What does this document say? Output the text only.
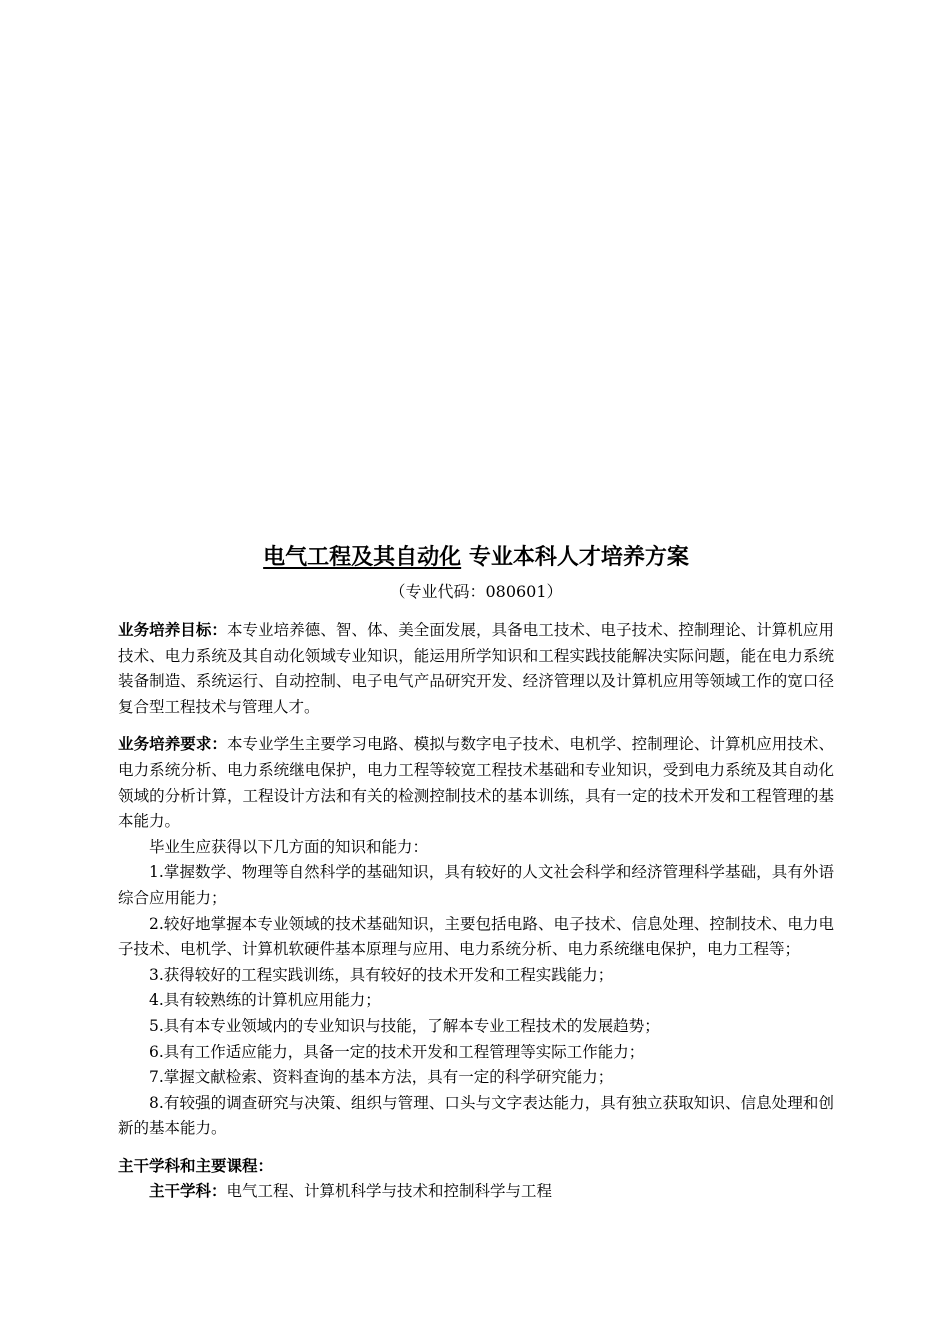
电气工程及其自动化 专业本科人才培养方案
（专业代码：080601）

业务培养目标：本专业培养德、智、体、美全面发展，具备电工技术、电子技术、控制理论、计算机应用技术、电力系统及其自动化领域专业知识，能运用所学知识和工程实践技能解决实际问题，能在电力系统装备制造、系统运行、自动控制、电子电气产品研究开发、经济管理以及计算机应用等领域工作的宽口径复合型工程技术与管理人才。

业务培养要求：本专业学生主要学习电路、模拟与数字电子技术、电机学、控制理论、计算机应用技术、电力系统分析、电力系统继电保护，电力工程等较宽工程技术基础和专业知识，受到电力系统及其自动化领域的分析计算，工程设计方法和有关的检测控制技术的基本训练，具有一定的技术开发和工程管理的基本能力。

毕业生应获得以下几方面的知识和能力：

1.掌握数学、物理等自然科学的基础知识，具有较好的人文社会科学和经济管理科学基础，具有外语综合应用能力；

2.较好地掌握本专业领域的技术基础知识，主要包括电路、电子技术、信息处理、控制技术、电力电子技术、电机学、计算机软硬件基本原理与应用、电力系统分析、电力系统继电保护，电力工程等；

3.获得较好的工程实践训练，具有较好的技术开发和工程实践能力；

4.具有较熟练的计算机应用能力；

5.具有本专业领域内的专业知识与技能，了解本专业工程技术的发展趋势；

6.具有工作适应能力，具备一定的技术开发和工程管理等实际工作能力；

7.掌握文献检索、资料查询的基本方法，具有一定的科学研究能力；

8.有较强的调查研究与决策、组织与管理、口头与文字表达能力，具有独立获取知识、信息处理和创新的基本能力。

主干学科和主要课程：

主干学科：电气工程、计算机科学与技术和控制科学与工程
